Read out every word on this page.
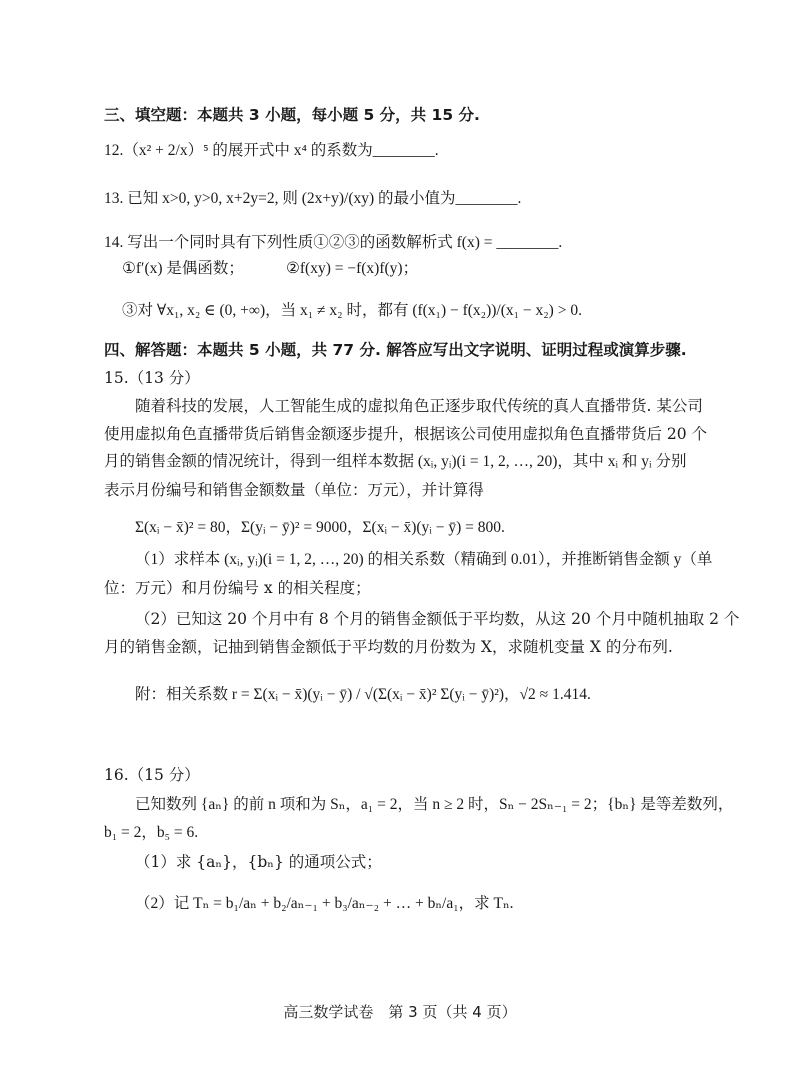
三、填空题：本题共 3 小题，每小题 5 分，共 15 分.
12.（x² + 2/x）⁵ 的展开式中 x⁴ 的系数为________.
13. 已知 x>0, y>0, x+2y=2, 则 (2x+y)/(xy) 的最小值为________.
14. 写出一个同时具有下列性质①②③的函数解析式 f(x) = ________.
①f′(x) 是偶函数；	②f(xy) = −f(x)f(y)；
③对 ∀x₁, x₂ ∈ (0, +∞)，当 x₁ ≠ x₂ 时，都有 (f(x₁) − f(x₂))/(x₁ − x₂) > 0.
四、解答题：本题共 5 小题，共 77 分. 解答应写出文字说明、证明过程或演算步骤.
15.（13 分）
随着科技的发展，人工智能生成的虚拟角色正逐步取代传统的真人直播带货. 某公司
使用虚拟角色直播带货后销售金额逐步提升，根据该公司使用虚拟角色直播带货后 20 个
月的销售金额的情况统计，得到一组样本数据 (xᵢ, yᵢ)(i = 1, 2, …, 20)，其中 xᵢ 和 yᵢ 分别
表示月份编号和销售金额数量（单位：万元），并计算得
Σ(xᵢ − x̄)² = 80，Σ(yᵢ − ȳ)² = 9000，Σ(xᵢ − x̄)(yᵢ − ȳ) = 800.
（1）求样本 (xᵢ, yᵢ)(i = 1, 2, …, 20) 的相关系数（精确到 0.01），并推断销售金额 y（单
位：万元）和月份编号 x 的相关程度；
（2）已知这 20 个月中有 8 个月的销售金额低于平均数，从这 20 个月中随机抽取 2 个
月的销售金额，记抽到销售金额低于平均数的月份数为 X，求随机变量 X 的分布列.
附：相关系数 r = Σ(xᵢ − x̄)(yᵢ − ȳ) / √(Σ(xᵢ − x̄)² Σ(yᵢ − ȳ)²)，√2 ≈ 1.414.
16.（15 分）
已知数列 {aₙ} 的前 n 项和为 Sₙ，a₁ = 2，当 n ≥ 2 时，Sₙ − 2Sₙ₋₁ = 2；{bₙ} 是等差数列，
b₁ = 2，b₅ = 6.
（1）求 {aₙ}，{bₙ} 的通项公式；
（2）记 Tₙ = b₁/aₙ + b₂/aₙ₋₁ + b₃/aₙ₋₂ + … + bₙ/a₁，求 Tₙ.
高三数学试卷　第 3 页（共 4 页）
